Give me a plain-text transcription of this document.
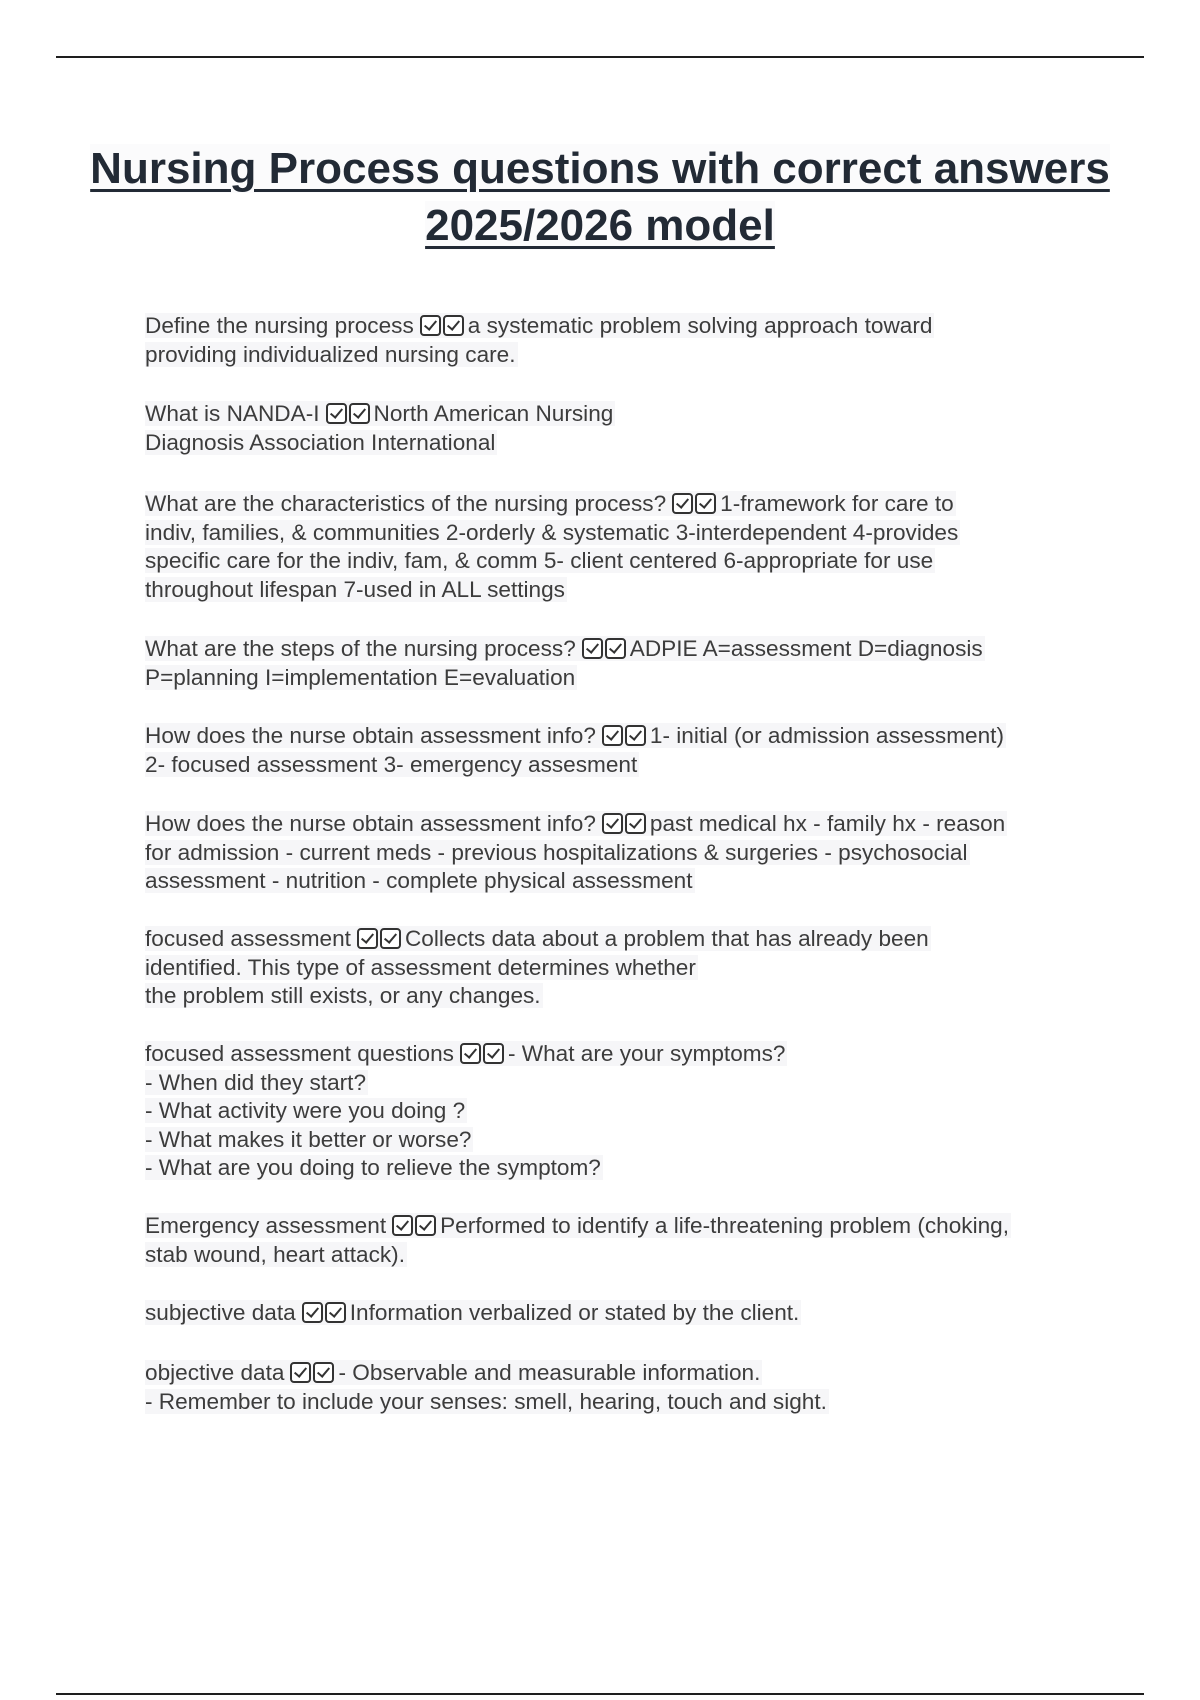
Nursing Process questions with correct answers 2025/2026 model
Define the nursing process a systematic problem solving approach toward
providing individualized nursing care.
What is NANDA-I North American Nursing
Diagnosis Association International
What are the characteristics of the nursing process? 1-framework for care to
indiv, families, & communities 2-orderly & systematic 3-interdependent 4-provides
specific care for the indiv, fam, & comm 5- client centered 6-appropriate for use
throughout lifespan 7-used in ALL settings
What are the steps of the nursing process? ADPIE A=assessment D=diagnosis
P=planning I=implementation E=evaluation
How does the nurse obtain assessment info? 1- initial (or admission assessment)
2- focused assessment 3- emergency assesment
How does the nurse obtain assessment info? past medical hx - family hx - reason
for admission - current meds - previous hospitalizations & surgeries - psychosocial
assessment - nutrition - complete physical assessment
focused assessment Collects data about a problem that has already been
identified. This type of assessment determines whether
the problem still exists, or any changes.
focused assessment questions - What are your symptoms?
- When did they start?
- What activity were you doing ?
- What makes it better or worse?
- What are you doing to relieve the symptom?
Emergency assessment Performed to identify a life-threatening problem (choking,
stab wound, heart attack).
subjective data Information verbalized or stated by the client.
objective data - Observable and measurable information.
- Remember to include your senses: smell, hearing, touch and sight.
